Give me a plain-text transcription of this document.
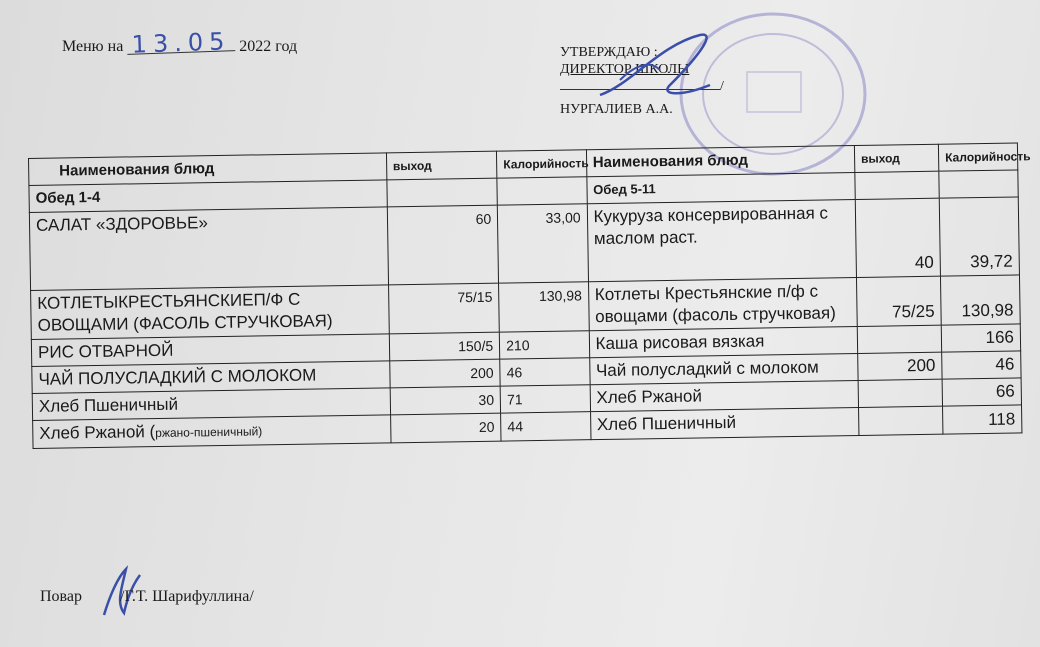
Меню на 13.05 2022 год	УТВЕРЖДАЮ :
ДИРЕКТОР ШКОЛЫ
/
НУРГАЛИЕВ А.А.
Наименования блюд	выход	Калорийность	Наименования блюд	выход	Калорийность
Обед 1-4			Обед 5-11		
САЛАТ «ЗДОРОВЬЕ»	60	33,00	Кукуруза консервированная с маслом раст.	40	39,72
КОТЛЕТЫКРЕСТЬЯНСКИЕП/Ф С ОВОЩАМИ (ФАСОЛЬ СТРУЧКОВАЯ)	75/15	130,98	Котлеты Крестьянские п/ф с овощами (фасоль стручковая)	75/25	130,98
РИС ОТВАРНОЙ	150/5	210	Каша рисовая вязкая		166
ЧАЙ ПОЛУСЛАДКИЙ С МОЛОКОМ	200	46	Чай полусладкий с молоком	200	46
Хлеб Пшеничный	30	71	Хлеб Ржаной		66
Хлеб Ржаной (ржано-пшеничный)	20	44	Хлеб Пшеничный		118
Повар /Г.Т. Шарифуллина/
